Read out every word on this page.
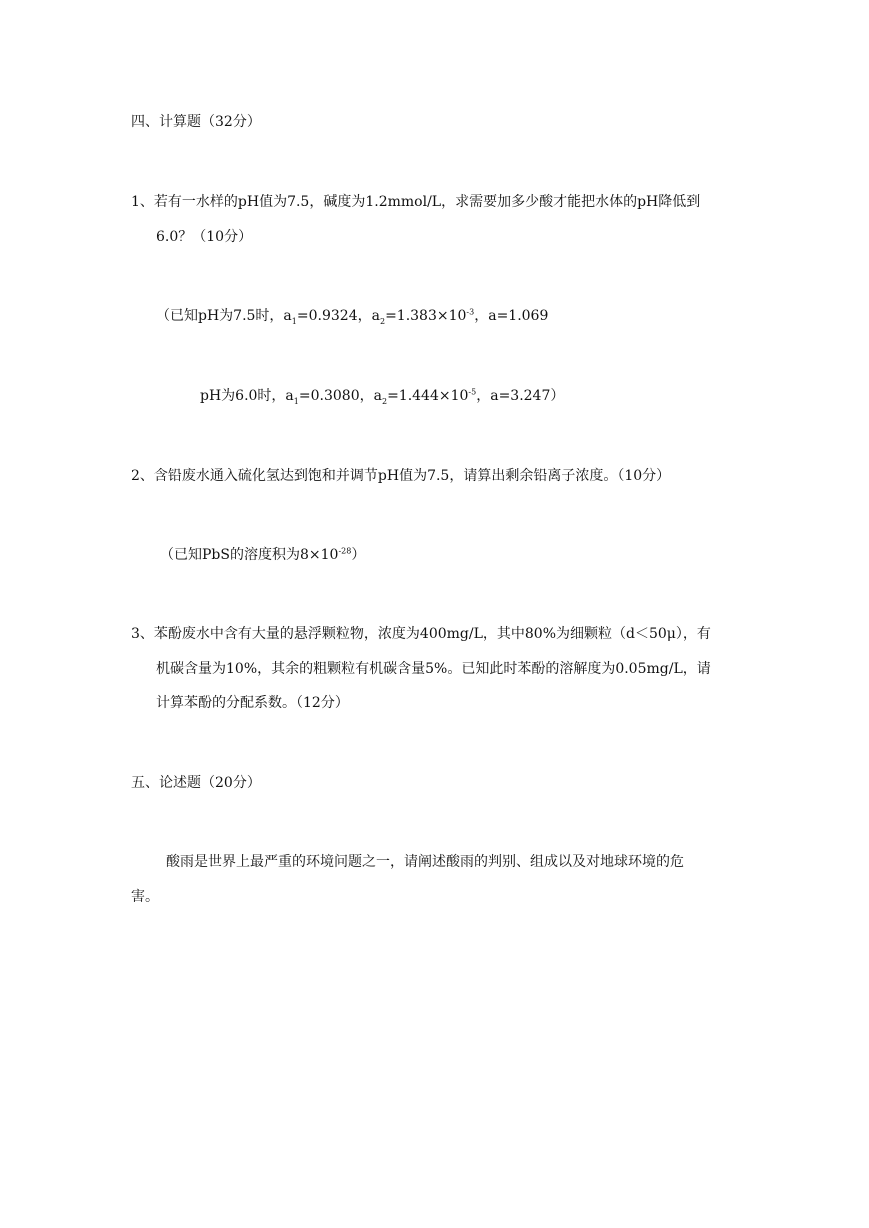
四、计算题（32分）
1、若有一水样的pH值为7.5，碱度为1.2mmol/L，求需要加多少酸才能把水体的pH降低到
6.0？（10分）
（已知pH为7.5时，$a_1=0.9324$，$a_2=1.383\times 10^{-3}$，a=1.069
pH为6.0时，$a_1=0.3080$，$a_2=1.444\times 10^{-5}$，a=3.247）
2、含铅废水通入硫化氢达到饱和并调节pH值为7.5，请算出剩余铅离子浓度。（10分）
（已知PbS的溶度积为$8\times 10^{-28}$）
3、苯酚废水中含有大量的悬浮颗粒物，浓度为400mg/L，其中80%为细颗粒（d＜50μ），有
机碳含量为10%，其余的粗颗粒有机碳含量5%。已知此时苯酚的溶解度为0.05mg/L，请
计算苯酚的分配系数。（12分）
五、论述题（20分）
酸雨是世界上最严重的环境问题之一，请阐述酸雨的判别、组成以及对地球环境的危
害。
